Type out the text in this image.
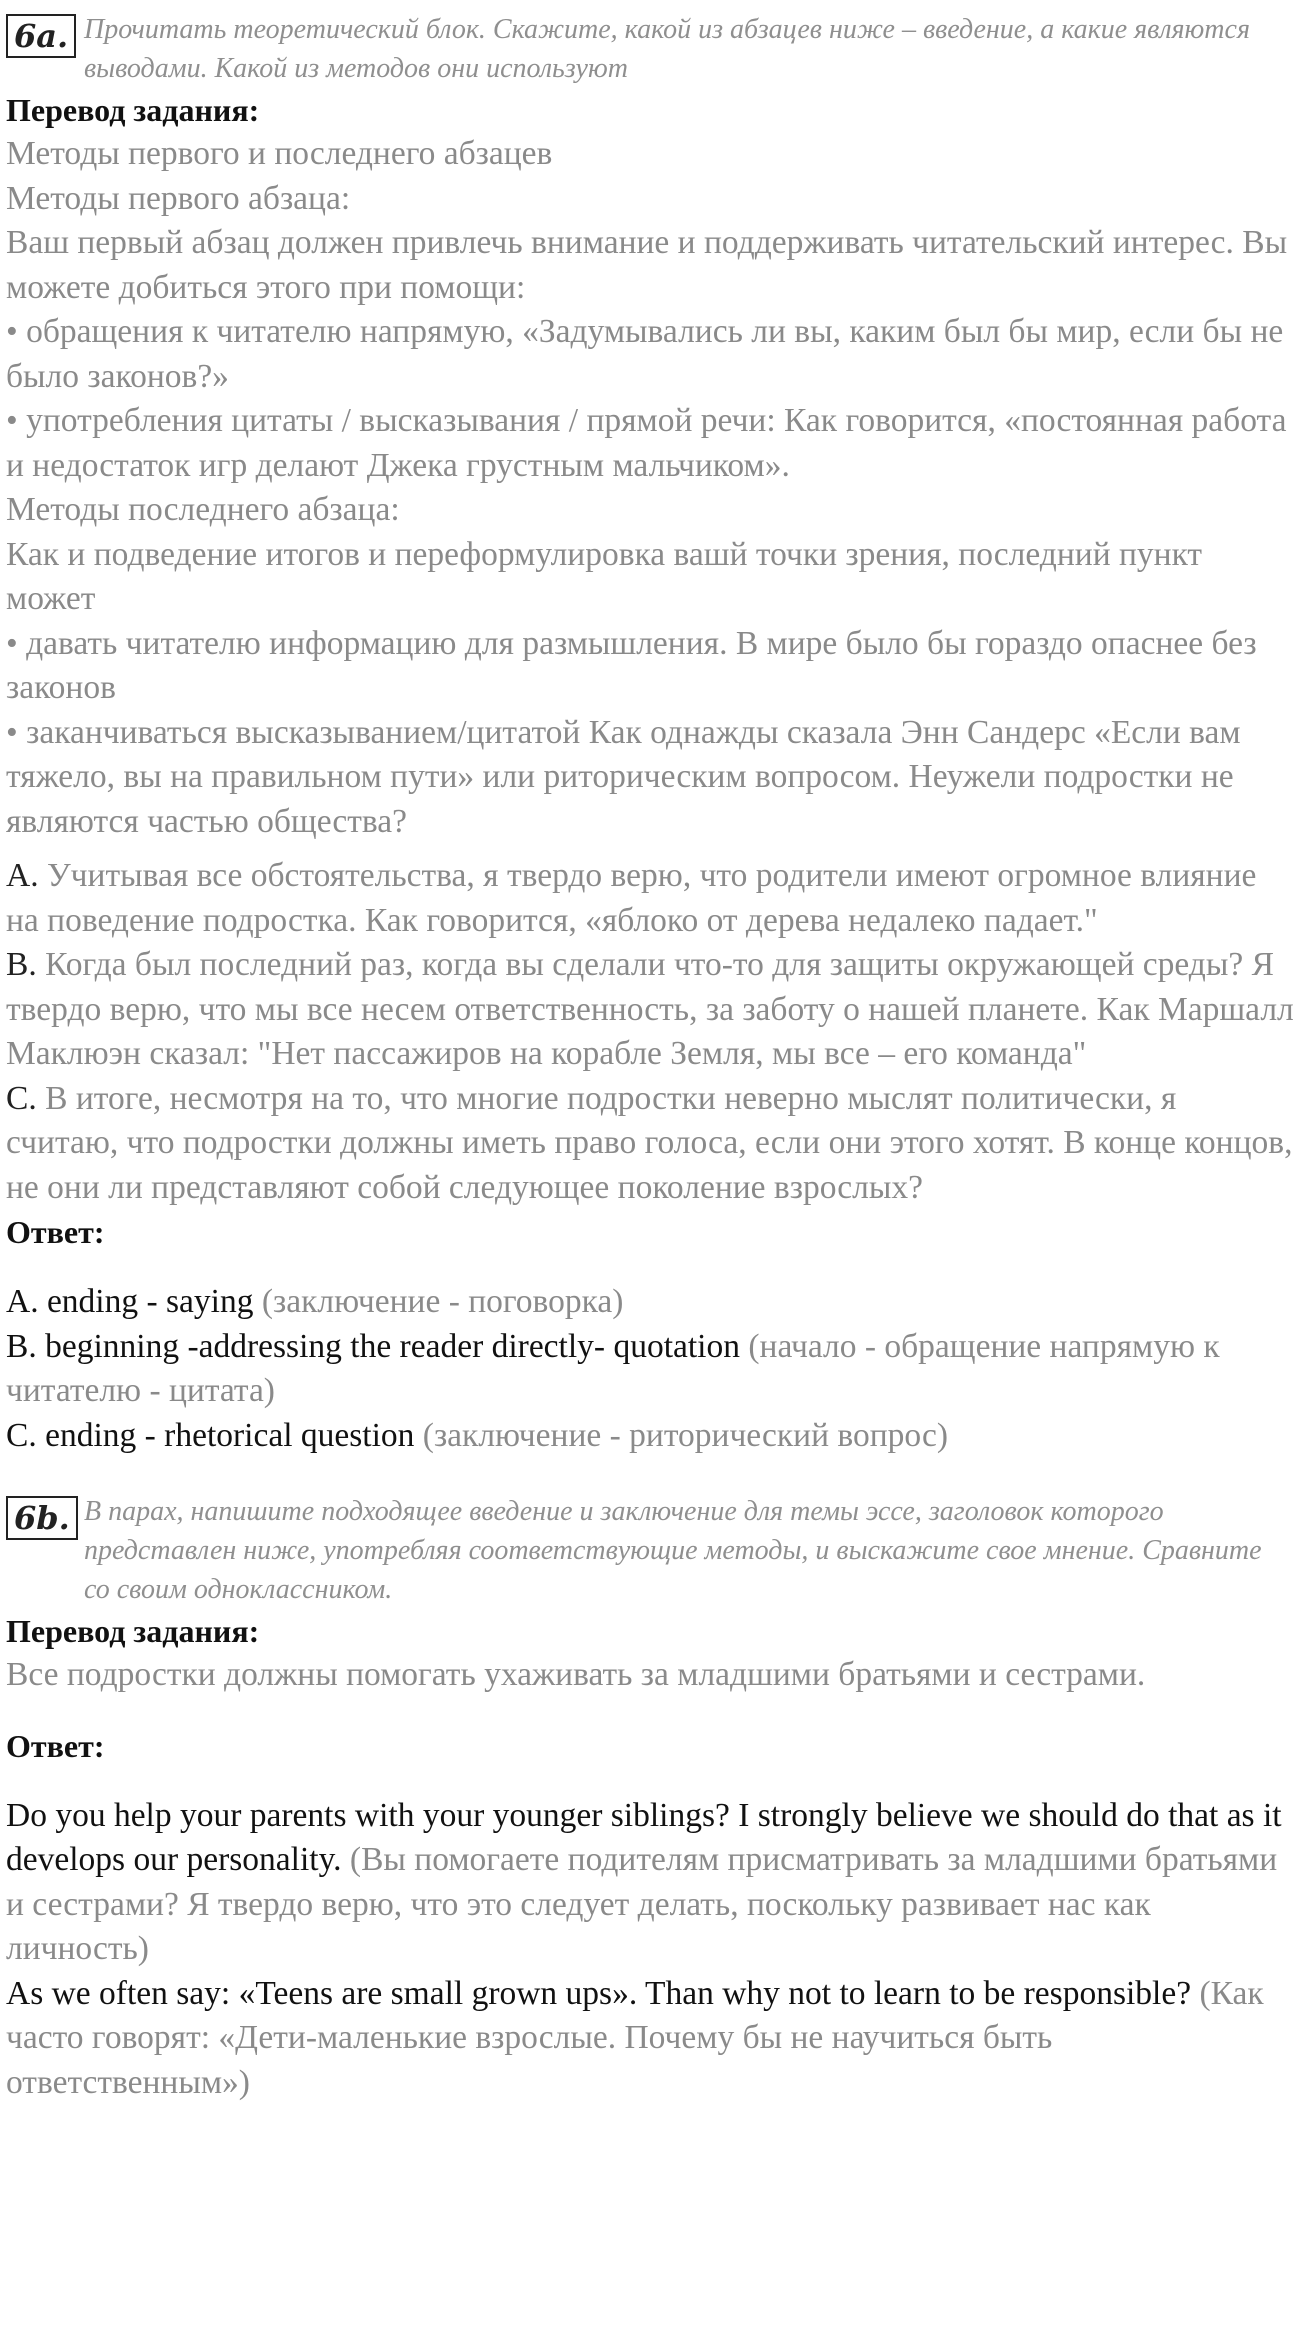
6a. Прочитать теоретический блок. Скажите, какой из абзацев ниже – введение, а какие являются выводами. Какой из методов они используют
Перевод задания:
Методы первого и последнего абзацев
Методы первого абзаца:
Ваш первый абзац должен привлечь внимание и поддерживать читательский интерес. Вы можете добиться этого при помощи:
• обращения к читателю напрямую, «Задумывались ли вы, каким был бы мир, если бы не было законов?»
• употребления цитаты / высказывания / прямой речи: Как говорится, «постоянная работа и недостаток игр делают Джека грустным мальчиком».
Методы последнего абзаца:
Как и подведение итогов и переформулировка вашй точки зрения, последний пункт может
• давать читателю информацию для размышления. В мире было бы гораздо опаснее без законов
• заканчиваться высказыванием/цитатой Как однажды сказала Энн Сандерс «Если вам тяжело, вы на правильном пути» или риторическим вопросом. Неужели подростки не являются частью общества?
A. Учитывая все обстоятельства, я твердо верю, что родители имеют огромное влияние на поведение подростка. Как говорится, «яблоко от дерева недалеко падает."
B. Когда был последний раз, когда вы сделали что-то для защиты окружающей среды? Я твердо верю, что мы все несем ответственность, за заботу о нашей планете. Как Маршалл Маклюэн сказал: "Нет пассажиров на корабле Земля, мы все – его команда"
C. В итоге, несмотря на то, что многие подростки неверно мыслят политически, я считаю, что подростки должны иметь право голоса, если они этого хотят. В конце концов, не они ли представляют собой следующее поколение взрослых?
Ответ:
A. ending - saying (заключение - поговорка)
B. beginning -addressing the reader directly- quotation (начало - обращение напрямую к читателю - цитата)
C. ending - rhetorical question (заключение - риторический вопрос)
6b. В парах, напишите подходящее введение и заключение для темы эссе, заголовок которого представлен ниже, употребляя соответствующие методы, и выскажите свое мнение. Сравните со своим одноклассником.
Перевод задания:
Все подростки должны помогать ухаживать за младшими братьями и сестрами.
Ответ:
Do you help your parents with your younger siblings? I strongly believe we should do that as it develops our personality. (Вы помогаете подителям присматривать за младшими братьями и сестрами? Я твердо верю, что это следует делать, поскольку развивает нас как личность)
As we often say: «Teens are small grown ups». Than why not to learn to be responsible? (Как часто говорят: «Дети-маленькие взрослые. Почему бы не научиться быть ответственным»)
